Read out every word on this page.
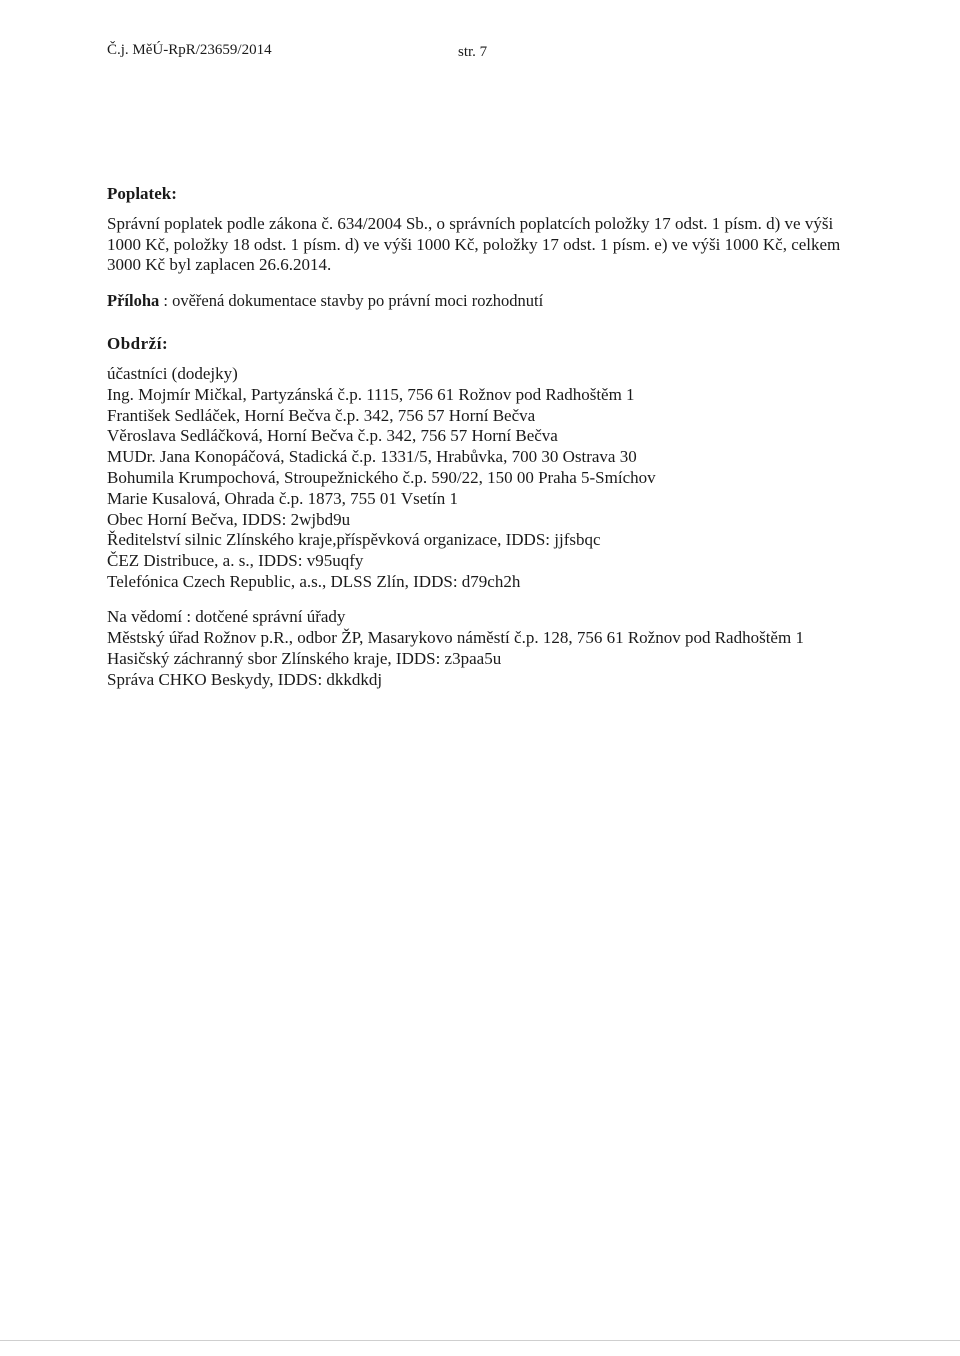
Č.j. MěÚ-RpR/23659/2014	str. 7
Poplatek:
Správní poplatek podle zákona č. 634/2004 Sb., o správních poplatcích položky 17 odst. 1 písm. d) ve výši 1000 Kč, položky 18 odst. 1 písm. d) ve výši 1000 Kč, položky 17 odst. 1 písm. e) ve výši 1000 Kč, celkem 3000 Kč byl zaplacen 26.6.2014.
Příloha : ověřená dokumentace stavby po právní moci rozhodnutí
Obdrží:
účastníci (dodejky)
Ing. Mojmír Mičkal, Partyzánská č.p. 1115, 756 61 Rožnov pod Radhoštěm 1
František Sedláček, Horní Bečva č.p. 342, 756 57 Horní Bečva
Věroslava Sedláčková, Horní Bečva č.p. 342, 756 57 Horní Bečva
MUDr. Jana Konopáčová, Stadická č.p. 1331/5, Hrabůvka, 700 30 Ostrava 30
Bohumila Krumpochová, Stroupežnického č.p. 590/22, 150 00 Praha 5-Smíchov
Marie Kusalová, Ohrada č.p. 1873, 755 01 Vsetín 1
Obec Horní Bečva, IDDS: 2wjbd9u
Ředitelství silnic Zlínského kraje,příspěvková organizace, IDDS: jjfsbqc
ČEZ Distribuce, a. s., IDDS: v95uqfy
Telefónica Czech Republic, a.s., DLSS Zlín, IDDS: d79ch2h
Na vědomí : dotčené správní úřady
Městský úřad Rožnov p.R., odbor ŽP, Masarykovo náměstí č.p. 128, 756 61 Rožnov pod Radhoštěm 1
Hasičský záchranný sbor Zlínského kraje, IDDS: z3paa5u
Správa CHKO Beskydy, IDDS: dkkdkdj
